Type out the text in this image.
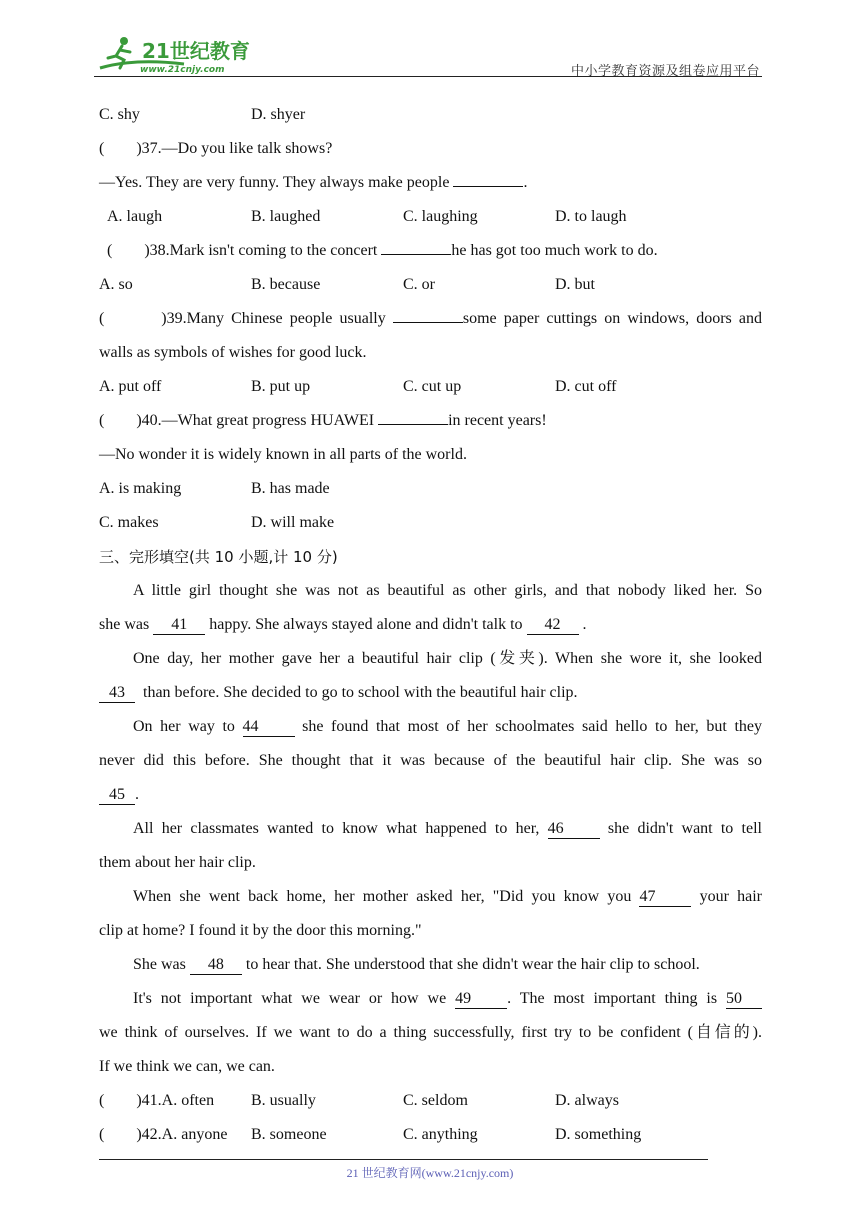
21世纪教育
www.21cnjy.com	中小学教育资源及组卷应用平台
C. shy	D. shyer
(        )37.—Do you like talk shows?
—Yes. They are very funny. They always make people	.
A. laugh	B. laughed	C. laughing	D. to laugh
(        )38.Mark isn't coming to the concert	he has got too much work to do.
A. so	B. because	C. or	D. but
(        )39.Many Chinese people usually	some paper cuttings on windows, doors and
walls as symbols of wishes for good luck.
A. put off	B. put up	C. cut up	D. cut off
(        )40.—What great progress HUAWEI	in recent years!
—No wonder it is widely known in all parts of the world.
A. is making	B. has made
C. makes	D. will make
三、完形填空(共 10 小题,计 10 分)
A little girl thought she was not as beautiful as other girls, and that nobody liked her. So
she was 41 happy. She always stayed alone and didn't talk to 42 .
One day, her mother gave her a beautiful hair clip (发夹). When she wore it, she looked
43  than before. She decided to go to school with the beautiful hair clip.
On her way to 44 she found that most of her schoolmates said hello to her, but they
never did this before. She thought that it was because of the beautiful hair clip. She was so
45 .
All her classmates wanted to know what happened to her, 46 she didn't want to tell
them about her hair clip.
When she went back home, her mother asked her, "Did you know you 47 your hair
clip at home? I found it by the door this morning."
She was 48 to hear that. She understood that she didn't wear the hair clip to school.
It's not important what we wear or how we 49 . The most important thing is 50
we think of ourselves. If we want to do a thing successfully, first try to be confident (自信的).
If we think we can, we can.
(        )41.A. often B. usually	C. seldom	D. always
(        )42.A. anyone B. someone	C. anything	D. something
21 世纪教育网(www.21cnjy.com)
